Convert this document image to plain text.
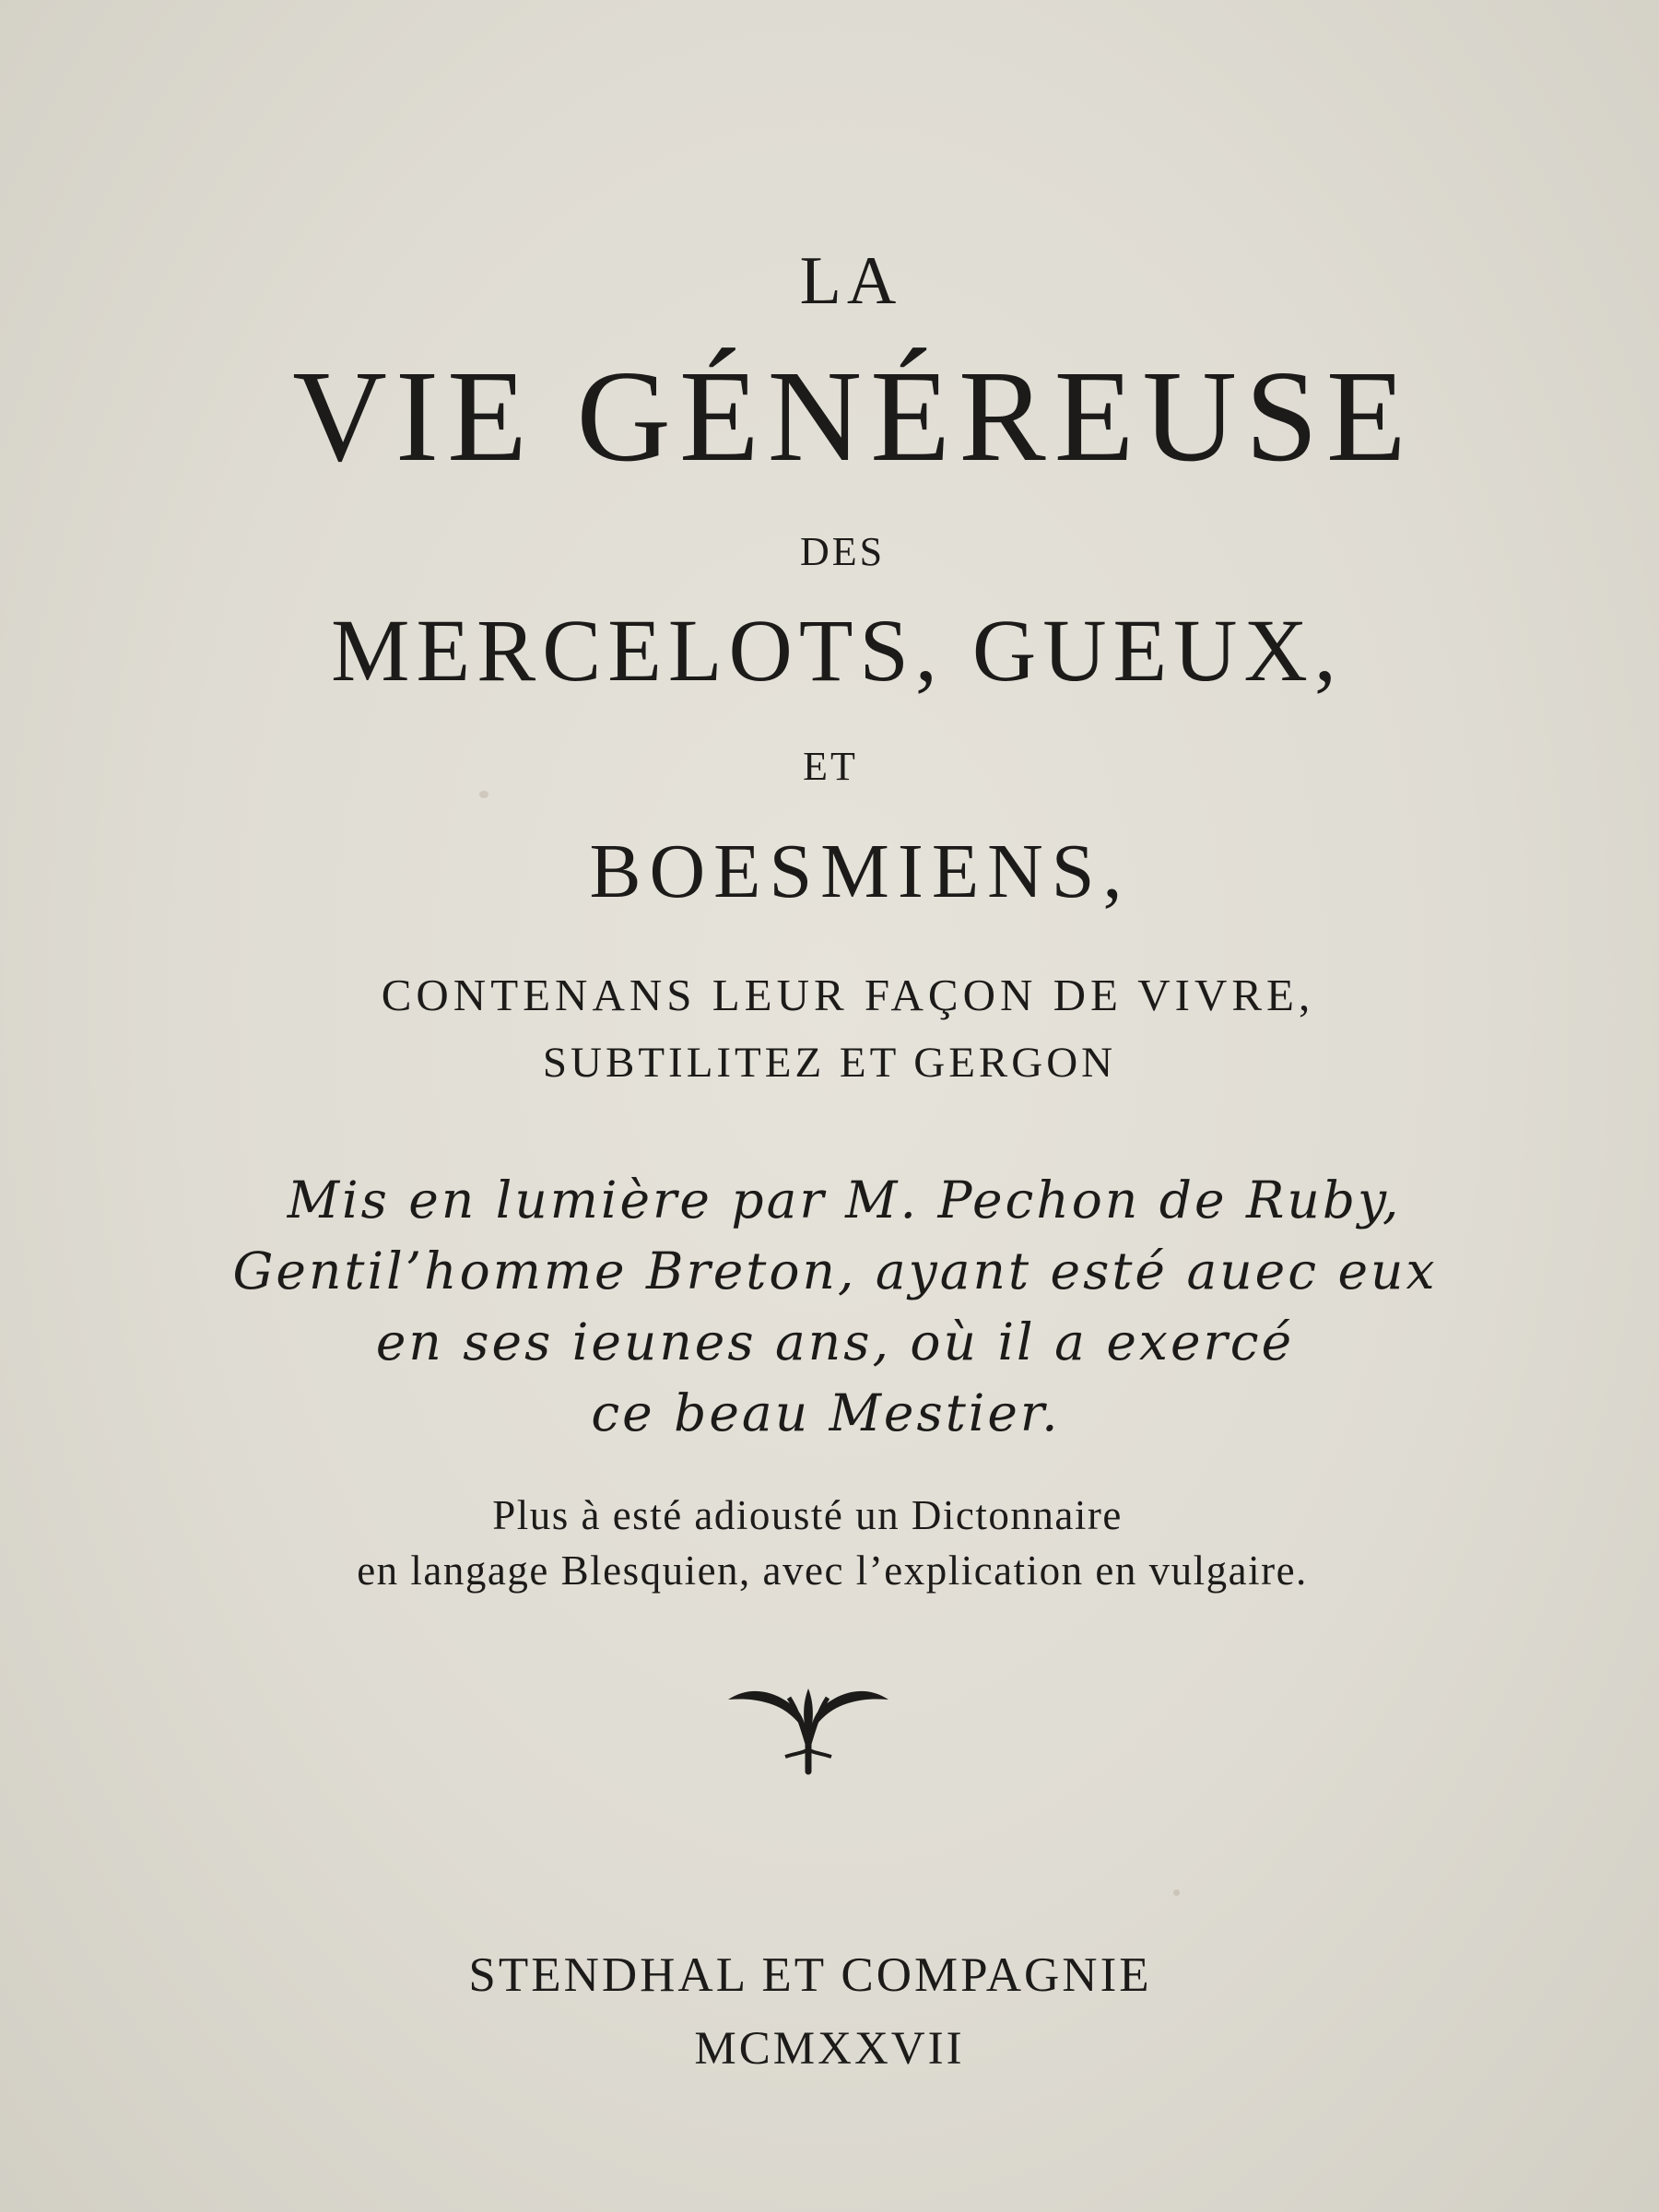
LA
VIE GÉNÉREUSE
DES
MERCELOTS, GUEUX,
ET
BOESMIENS,
CONTENANS LEUR FAÇON DE VIVRE,
SUBTILITEZ ET GERGON
Mis en lumière par M. Pechon de Ruby,
Gentil’homme Breton, ayant esté auec eux
en ses ieunes ans, où il a exercé
ce beau Mestier.
Plus à esté adiousté un Dictonnaire
en langage Blesquien, avec l’explication en vulgaire.
STENDHAL ET COMPAGNIE
MCMXXVII
